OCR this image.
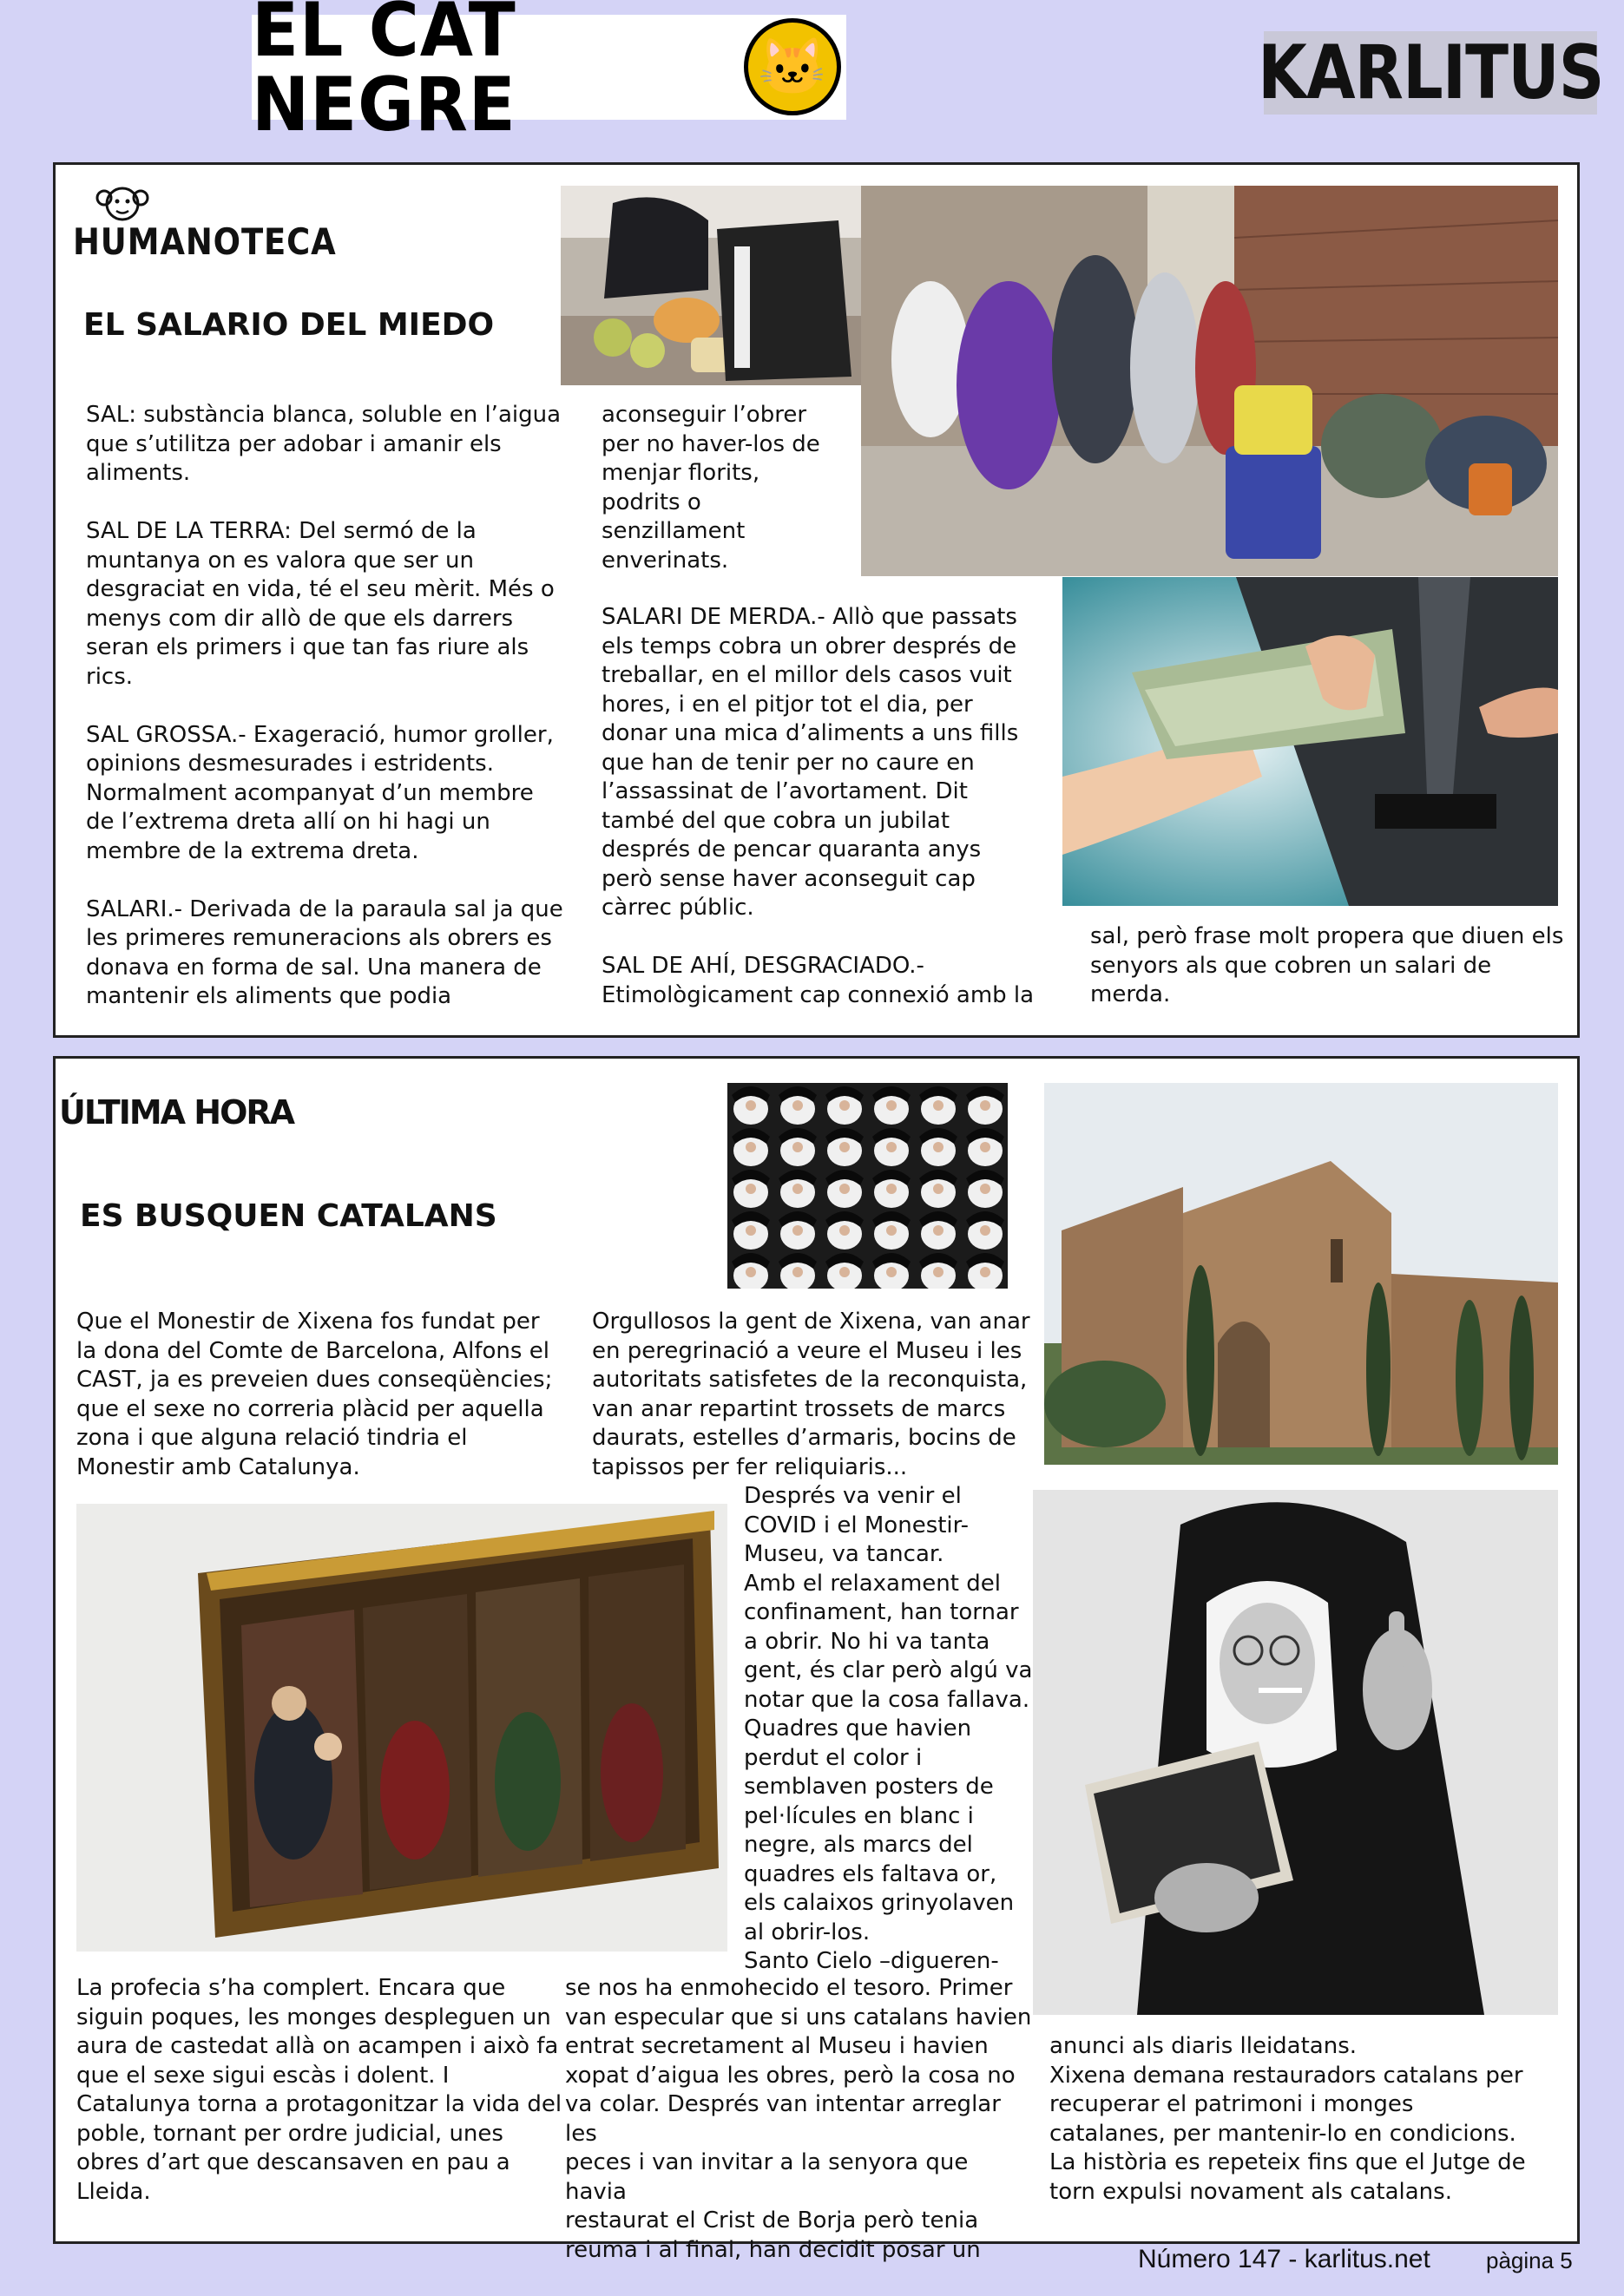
EL CAT NEGRE	🐱	KARLITUS
HUMANOTECA
EL SALARIO DEL MIEDO
SAL: substància blanca, soluble en l’aigua
que s’utilitza per adobar i amanir els
aliments.

SAL DE LA TERRA: Del sermó de la
muntanya on es valora que ser un
desgraciat en vida, té el seu mèrit. Més o
menys com dir allò de que els darrers
seran els primers i que tan fas riure als
rics.

SAL GROSSA.- Exageració, humor groller,
opinions desmesurades i estridents.
Normalment acompanyat d’un membre
de l’extrema dreta allí on hi hagi un
membre de la extrema dreta.

SALARI.- Derivada de la paraula sal ja que
les primeres remuneracions als obrers es
donava en forma de sal. Una manera de
mantenir els aliments que podia
aconseguir l’obrer
per no haver-los de
menjar florits,
podrits o
senzillament
enverinats.
SALARI DE MERDA.- Allò que passats
els temps cobra un obrer després de
treballar, en el millor dels casos vuit
hores, i en el pitjor tot el dia, per
donar una mica d’aliments a uns fills
que han de tenir per no caure en
l’assassinat de l’avortament. Dit
també del que cobra un jubilat
després de pencar quaranta anys
però sense haver aconseguit cap
càrrec públic.

SAL DE AHÍ, DESGRACIADO.-
Etimològicament cap connexió amb la
sal, però frase molt propera que diuen els
senyors als que cobren un salari de
merda.
ÚLTIMA HORA
ES BUSQUEN CATALANS
Que el Monestir de Xixena fos fundat per
la dona del Comte de Barcelona, Alfons el
CAST, ja es preveien dues conseqüències;
que el sexe no correria plàcid per aquella
zona i que alguna relació tindria el
Monestir amb Catalunya.
La profecia s’ha complert. Encara que
siguin poques, les monges despleguen un
aura de castedat allà on acampen i això fa
que el sexe sigui escàs i dolent. I
Catalunya torna a protagonitzar la vida del
poble, tornant per ordre judicial, unes
obres d’art que descansaven en pau a
Lleida.
Orgullosos la gent de Xixena, van anar
en peregrinació a veure el Museu i les
autoritats satisfetes de la reconquista,
van anar repartint trossets de marcs
daurats, estelles d’armaris, bocins de
tapissos per fer reliquiaris...
Després va venir el
COVID i el Monestir-
Museu, va tancar.
Amb el relaxament del
confinament, han tornar
a obrir. No hi va tanta
gent, és clar però algú va
notar que la cosa fallava.
Quadres que havien
perdut el color i
semblaven posters de
pel·lícules en blanc i
negre, als marcs del
quadres els faltava or,
els calaixos grinyolaven
al obrir-los.
Santo Cielo –digueren-
se nos ha enmohecido el tesoro. Primer
van especular que si uns catalans havien
entrat secretament al Museu i havien
xopat d’aigua les obres, però la cosa no
va colar. Després van intentar arreglar les
peces i van invitar a la senyora que havia
restaurat el Crist de Borja però tenia
reuma i al final, han decidit posar un
anunci als diaris lleidatans.
Xixena demana restauradors catalans per
recuperar el patrimoni i monges
catalanes, per mantenir-lo en condicions.
La història es repeteix fins que el Jutge de
torn expulsi novament als catalans.
Número 147 - karlitus.net pàgina 5
